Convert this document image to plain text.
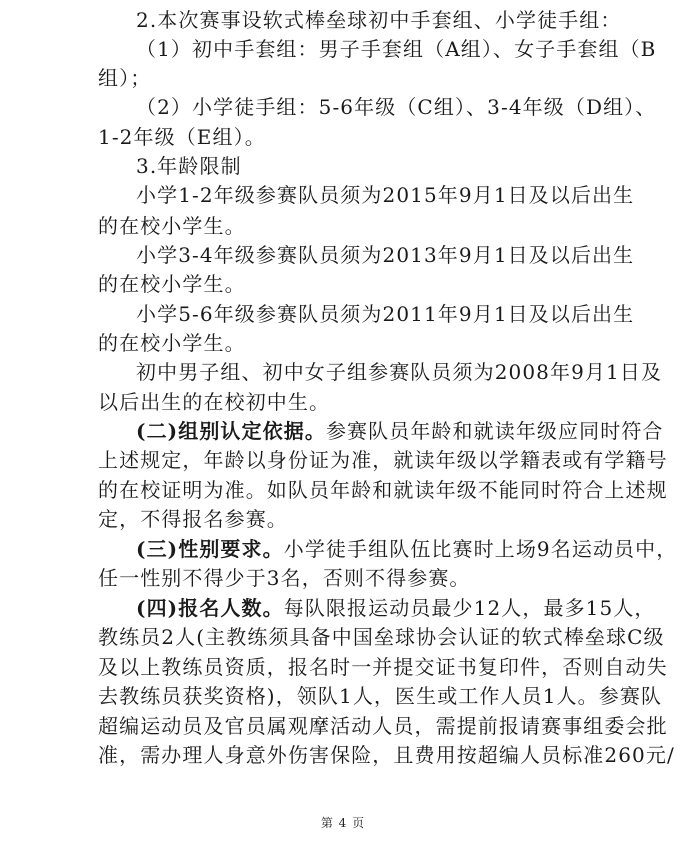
2.本次赛事设软式棒垒球初中手套组、小学徒手组：
（1）初中手套组：男子手套组（A组）、女子手套组（B
组）；
（2）小学徒手组：5-6年级（C组）、3-4年级（D组）、
1-2年级（E组）。
3.年龄限制
小学1-2年级参赛队员须为2015年9月1日及以后出生
的在校小学生。
小学3-4年级参赛队员须为2013年9月1日及以后出生
的在校小学生。
小学5-6年级参赛队员须为2011年9月1日及以后出生
的在校小学生。
初中男子组、初中女子组参赛队员须为2008年9月1日及
以后出生的在校初中生。
(二)组别认定依据。参赛队员年龄和就读年级应同时符合
上述规定，年龄以身份证为准，就读年级以学籍表或有学籍号
的在校证明为准。如队员年龄和就读年级不能同时符合上述规
定，不得报名参赛。
(三)性别要求。小学徒手组队伍比赛时上场9名运动员中，
任一性别不得少于3名，否则不得参赛。
(四)报名人数。每队限报运动员最少12人，最多15人，
教练员2人(主教练须具备中国垒球协会认证的软式棒垒球C级
及以上教练员资质，报名时一并提交证书复印件，否则自动失
去教练员获奖资格)，领队1人，医生或工作人员1人。参赛队
超编运动员及官员属观摩活动人员，需提前报请赛事组委会批
准，需办理人身意外伤害保险，且费用按超编人员标准260元/
第 4 页
